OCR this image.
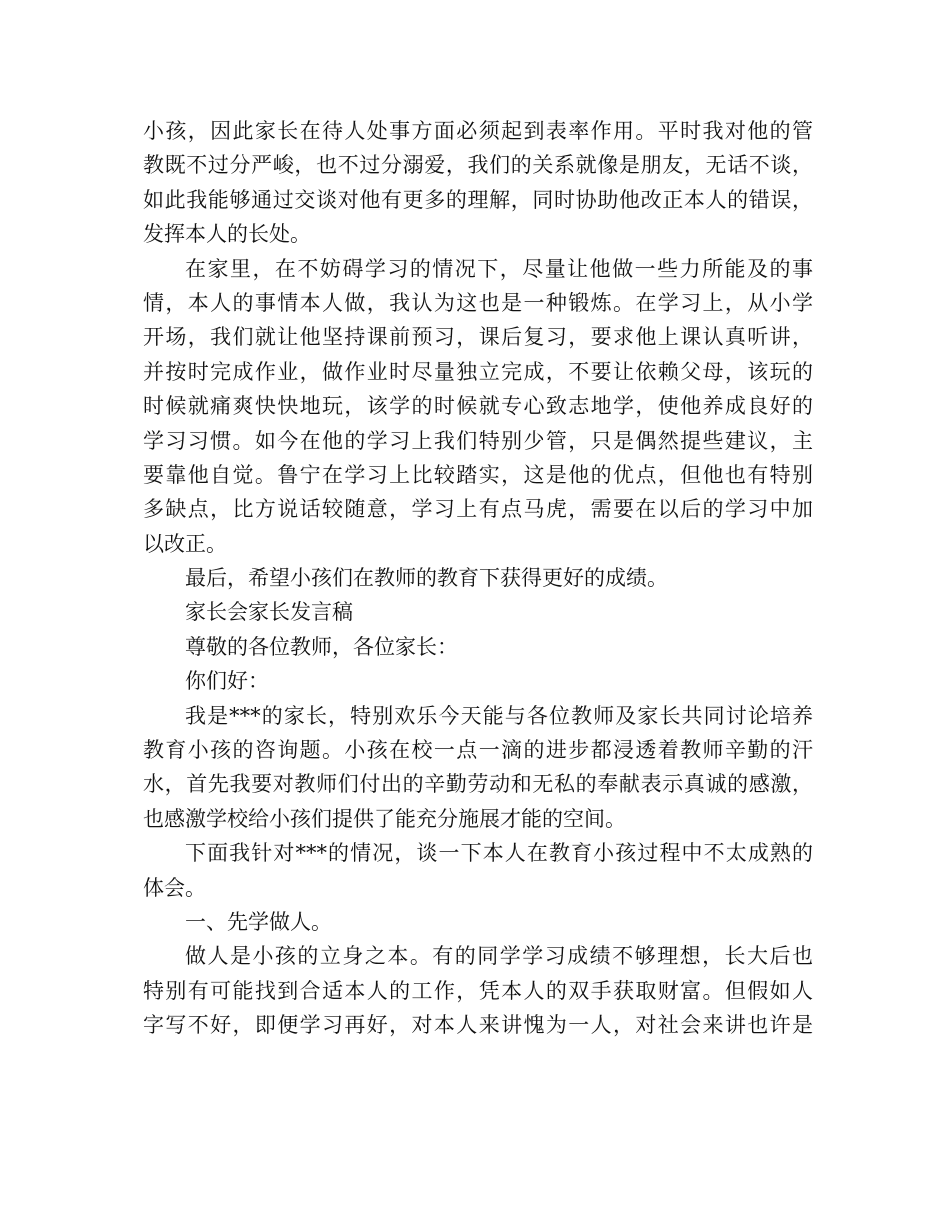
小孩，因此家长在待人处事方面必须起到表率作用。平时我对他的管
教既不过分严峻，也不过分溺爱，我们的关系就像是朋友，无话不谈，
如此我能够通过交谈对他有更多的理解，同时协助他改正本人的错误，
发挥本人的长处。
在家里，在不妨碍学习的情况下，尽量让他做一些力所能及的事
情，本人的事情本人做，我认为这也是一种锻炼。在学习上，从小学
开场，我们就让他坚持课前预习，课后复习，要求他上课认真听讲，
并按时完成作业，做作业时尽量独立完成，不要让依赖父母，该玩的
时候就痛爽快快地玩，该学的时候就专心致志地学，使他养成良好的
学习习惯。如今在他的学习上我们特别少管，只是偶然提些建议，主
要靠他自觉。鲁宁在学习上比较踏实，这是他的优点，但他也有特别
多缺点，比方说话较随意，学习上有点马虎，需要在以后的学习中加
以改正。
最后，希望小孩们在教师的教育下获得更好的成绩。
家长会家长发言稿
尊敬的各位教师，各位家长：
你们好：
我是***的家长，特别欢乐今天能与各位教师及家长共同讨论培养
教育小孩的咨询题。小孩在校一点一滴的进步都浸透着教师辛勤的汗
水，首先我要对教师们付出的辛勤劳动和无私的奉献表示真诚的感激，
也感激学校给小孩们提供了能充分施展才能的空间。
下面我针对***的情况，谈一下本人在教育小孩过程中不太成熟的
体会。
一、先学做人。
做人是小孩的立身之本。有的同学学习成绩不够理想，长大后也
特别有可能找到合适本人的工作，凭本人的双手获取财富。但假如人
字写不好，即便学习再好，对本人来讲愧为一人，对社会来讲也许是
